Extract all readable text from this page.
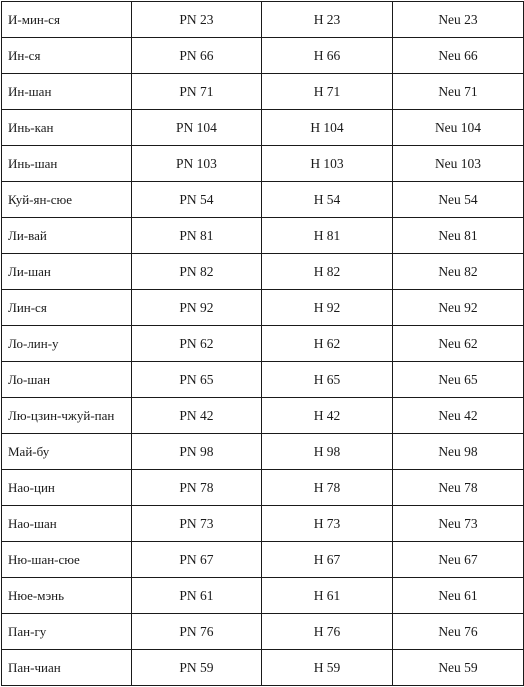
И-мин-ся	PN 23	H 23	Neu 23
Ин-ся	PN 66	H 66	Neu 66
Ин-шан	PN 71	H 71	Neu 71
Инь-кан	PN 104	H 104	Neu 104
Инь-шан	PN 103	H 103	Neu 103
Куй-ян-сюе	PN 54	H 54	Neu 54
Ли-вай	PN 81	H 81	Neu 81
Ли-шан	PN 82	H 82	Neu 82
Лин-ся	PN 92	H 92	Neu 92
Ло-лин-у	PN 62	H 62	Neu 62
Ло-шан	PN 65	H 65	Neu 65
Лю-цзин-чжуй-пан	PN 42	H 42	Neu 42
Май-бу	PN 98	H 98	Neu 98
Нао-цин	PN 78	H 78	Neu 78
Нао-шан	PN 73	H 73	Neu 73
Ню-шан-сюе	PN 67	H 67	Neu 67
Нюе-мэнь	PN 61	H 61	Neu 61
Пан-гу	PN 76	H 76	Neu 76
Пан-чиан	PN 59	H 59	Neu 59
